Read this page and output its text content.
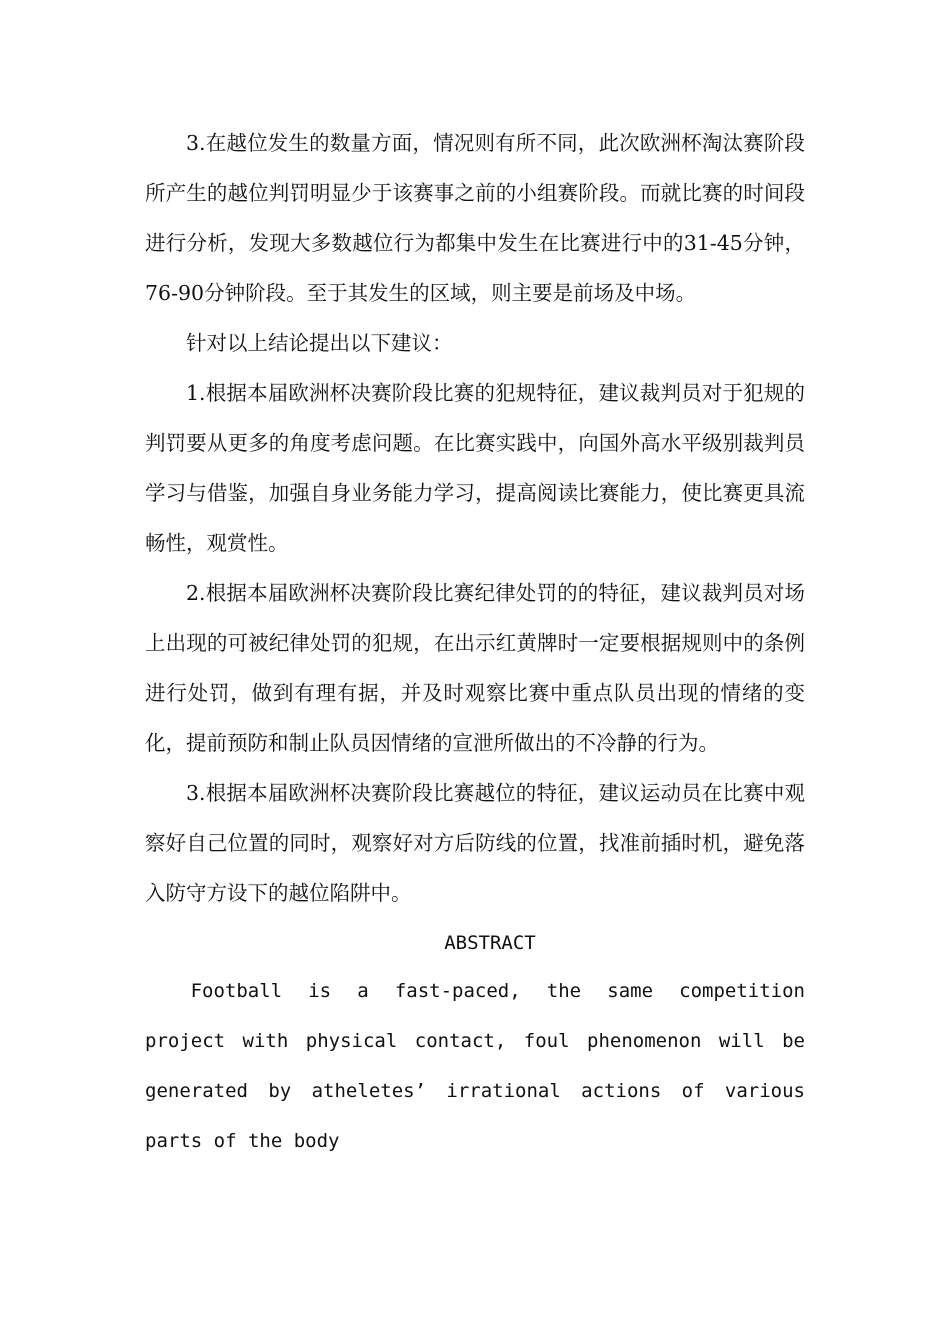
3.在越位发生的数量方面，情况则有所不同，此次欧洲杯淘汰赛阶段所产生的越位判罚明显少于该赛事之前的小组赛阶段。而就比赛的时间段进行分析，发现大多数越位行为都集中发生在比赛进行中的31-45分钟，76-90分钟阶段。至于其发生的区域，则主要是前场及中场。

针对以上结论提出以下建议：

1.根据本届欧洲杯决赛阶段比赛的犯规特征，建议裁判员对于犯规的判罚要从更多的角度考虑问题。在比赛实践中，向国外高水平级别裁判员学习与借鉴，加强自身业务能力学习，提高阅读比赛能力，使比赛更具流畅性，观赏性。

2.根据本届欧洲杯决赛阶段比赛纪律处罚的的特征，建议裁判员对场上出现的可被纪律处罚的犯规，在出示红黄牌时一定要根据规则中的条例进行处罚，做到有理有据，并及时观察比赛中重点队员出现的情绪的变化，提前预防和制止队员因情绪的宣泄所做出的不冷静的行为。

3.根据本届欧洲杯决赛阶段比赛越位的特征，建议运动员在比赛中观察好自己位置的同时，观察好对方后防线的位置，找准前插时机，避免落入防守方设下的越位陷阱中。

ABSTRACT

Football is a fast-paced, the same competition project with physical contact, foul phenomenon will be generated by atheletes’ irrational actions of various parts of the body
